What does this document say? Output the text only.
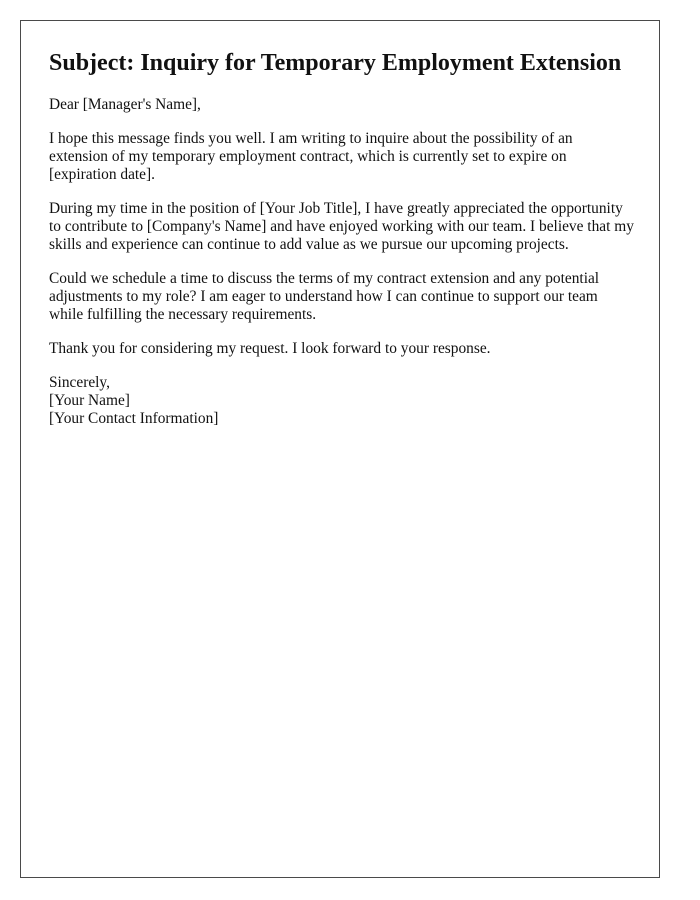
Subject: Inquiry for Temporary Employment Extension

Dear [Manager's Name],

I hope this message finds you well. I am writing to inquire about the possibility of an extension of my temporary employment contract, which is currently set to expire on [expiration date].

During my time in the position of [Your Job Title], I have greatly appreciated the opportunity to contribute to [Company's Name] and have enjoyed working with our team. I believe that my skills and experience can continue to add value as we pursue our upcoming projects.

Could we schedule a time to discuss the terms of my contract extension and any potential adjustments to my role? I am eager to understand how I can continue to support our team while fulfilling the necessary requirements.

Thank you for considering my request. I look forward to your response.

Sincerely,
[Your Name]
[Your Contact Information]
